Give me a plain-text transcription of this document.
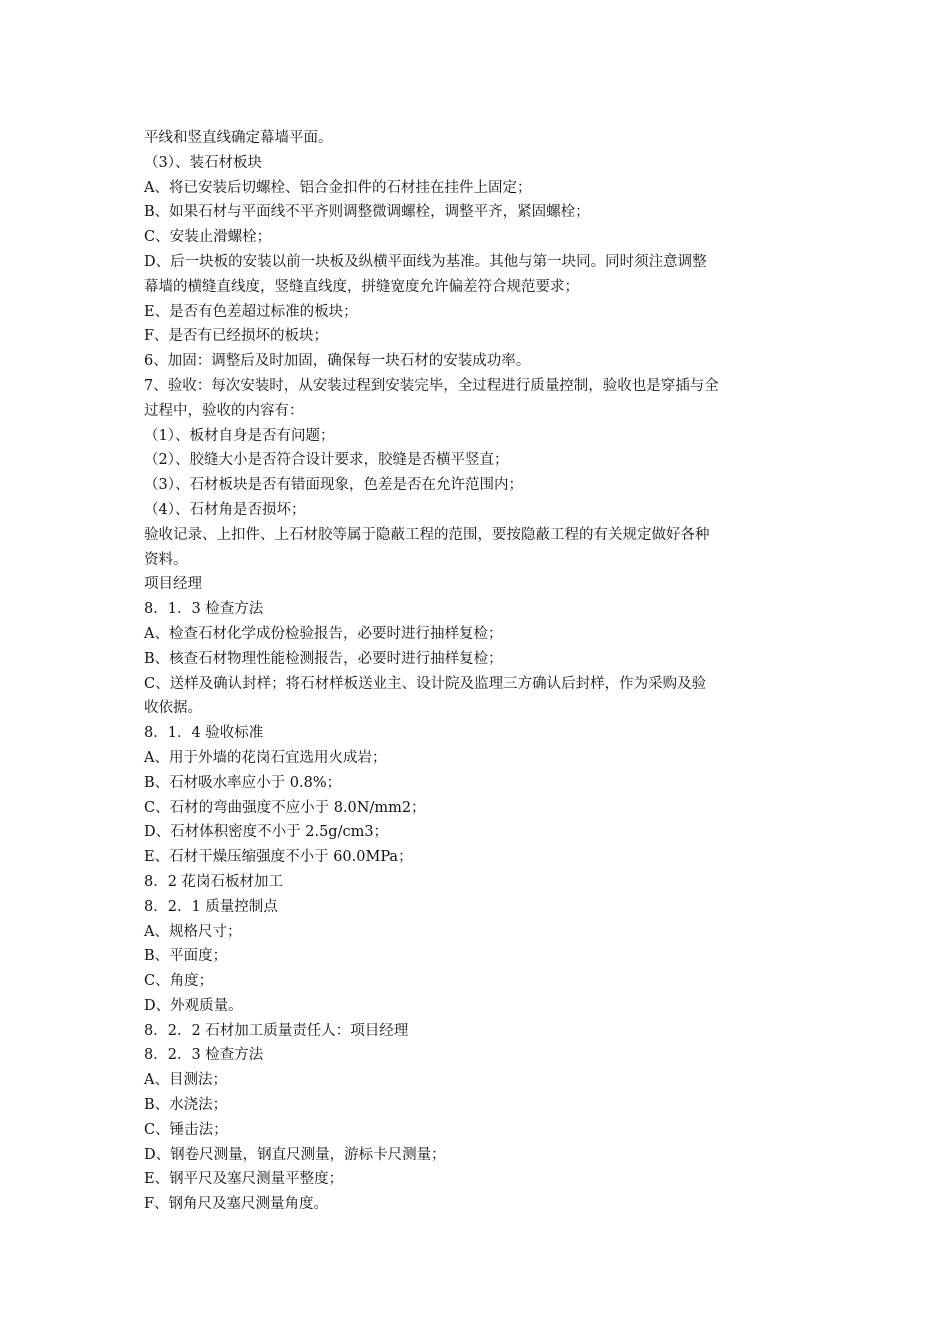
平线和竖直线确定幕墙平面。
（3）、装石材板块
A、将已安装后切螺栓、铝合金扣件的石材挂在挂件上固定；
B、如果石材与平面线不平齐则调整微调螺栓，调整平齐，紧固螺栓；
C、安装止滑螺栓；
D、后一块板的安装以前一块板及纵横平面线为基准。其他与第一块同。同时须注意调整
幕墙的横缝直线度，竖缝直线度，拼缝宽度允许偏差符合规范要求；
E、是否有色差超过标准的板块；
F、是否有已经损坏的板块；
6、加固：调整后及时加固，确保每一块石材的安装成功率。
7、验收：每次安装时，从安装过程到安装完毕，全过程进行质量控制，验收也是穿插与全
过程中，验收的内容有：
（1）、板材自身是否有问题；
（2）、胶缝大小是否符合设计要求，胶缝是否横平竖直；
（3）、石材板块是否有错面现象，色差是否在允许范围内；
（4）、石材角是否损坏；
验收记录、上扣件、上石材胶等属于隐蔽工程的范围，要按隐蔽工程的有关规定做好各种
资料。
项目经理
8．1．3 检查方法
A、检查石材化学成份检验报告，必要时进行抽样复检；
B、核查石材物理性能检测报告，必要时进行抽样复检；
C、送样及确认封样；将石材样板送业主、设计院及监理三方确认后封样，作为采购及验
收依据。
8．1．4 验收标准
A、用于外墙的花岗石宜选用火成岩；
B、石材吸水率应小于 0.8%；
C、石材的弯曲强度不应小于 8.0N/mm2；
D、石材体积密度不小于 2.5g/cm3；
E、石材干燥压缩强度不小于 60.0MPa；
8．2 花岗石板材加工
8．2．1 质量控制点
A、规格尺寸；
B、平面度；
C、角度；
D、外观质量。
8．2．2 石材加工质量责任人：项目经理
8．2．3 检查方法
A、目测法；
B、水浇法；
C、锤击法；
D、钢卷尺测量，钢直尺测量，游标卡尺测量；
E、钢平尺及塞尺测量平整度；
F、钢角尺及塞尺测量角度。
